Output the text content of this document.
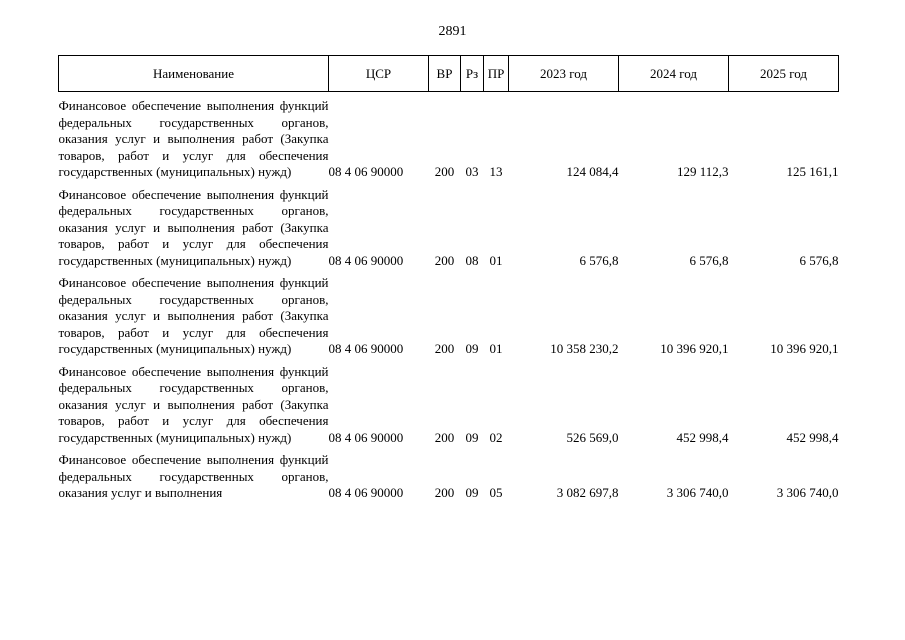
2891
Наименование	ЦСР	ВР	Рз	ПР	2023 год	2024 год	2025 год
Финансовое обеспечение выполнения функций федеральных государственных органов, оказания услуг и выполнения работ (Закупка товаров, работ и услуг для обеспечения государственных (муниципальных) нужд)	08 4 06 90000	200	03	13	124 084,4	129 112,3	125 161,1
Финансовое обеспечение выполнения функций федеральных государственных органов, оказания услуг и выполнения работ (Закупка товаров, работ и услуг для обеспечения государственных (муниципальных) нужд)	08 4 06 90000	200	08	01	6 576,8	6 576,8	6 576,8
Финансовое обеспечение выполнения функций федеральных государственных органов, оказания услуг и выполнения работ (Закупка товаров, работ и услуг для обеспечения государственных (муниципальных) нужд)	08 4 06 90000	200	09	01	10 358 230,2	10 396 920,1	10 396 920,1
Финансовое обеспечение выполнения функций федеральных государственных органов, оказания услуг и выполнения работ (Закупка товаров, работ и услуг для обеспечения государственных (муниципальных) нужд)	08 4 06 90000	200	09	02	526 569,0	452 998,4	452 998,4
Финансовое обеспечение выполнения функций федеральных государственных органов, оказания услуг и выполнения	08 4 06 90000	200	09	05	3 082 697,8	3 306 740,0	3 306 740,0
